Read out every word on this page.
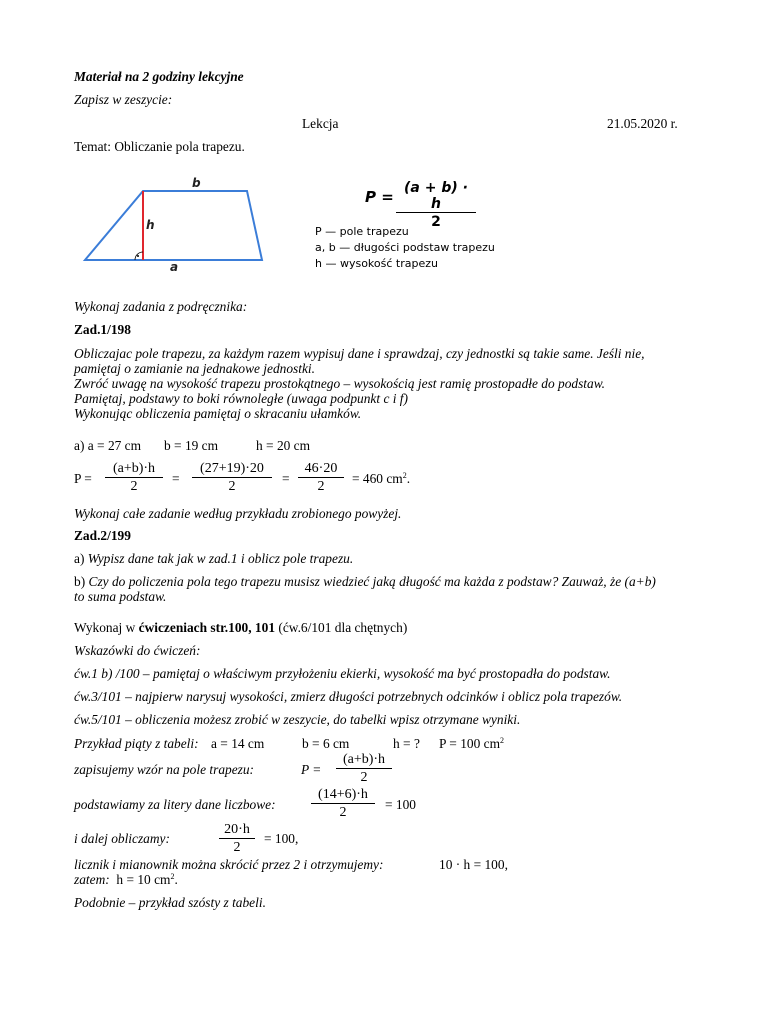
Materiał na 2 godziny lekcyjne
Zapisz w zeszycie:
Lekcja	21.05.2020 r.
Temat: Obliczanie pola trapezu.
b
h
a
$P = \frac{(a + b) \cdot h}{2}$
P — pole trapezu
a, b — długości podstaw trapezu
h — wysokość trapezu
Wykonaj zadania z podręcznika:
Zad.1/198
Obliczajac pole trapezu, za każdym razem wypisuj dane i sprawdzaj, czy jednostki są takie same. Jeśli nie,
pamiętaj o zamianie na jednakowe jednostki.
Zwróć uwagę na wysokość trapezu prostokątnego – wysokością jest ramię prostopadłe do podstaw.
Pamiętaj, podstawy to boki równoległe (uwaga podpunkt c i f)
Wykonując obliczenia pamiętaj o skracaniu ułamków.
a) a = 27 cm b = 19 cm	h = 20 cm
$P = \frac{(a+b)\cdot h}{2} = \frac{(27+19)\cdot 20}{2} = \frac{46\cdot 20}{2} = 460$ $cm^2$.
Wykonaj całe zadanie według przykładu zrobionego powyżej.
Zad.2/199
a) Wypisz dane tak jak w zad.1 i oblicz pole trapezu.
b) Czy do policzenia pola tego trapezu musisz wiedzieć jaką długość ma każda z podstaw? Zauważ, że (a+b)
to suma podstaw.
Wykonaj w ćwiczeniach str.100, 101 (ćw.6/101 dla chętnych)
Wskazówki do ćwiczeń:
ćw.1 b) /100 – pamiętaj o właściwym przyłożeniu ekierki, wysokość ma być prostopadła do podstaw.
ćw.3/101 – najpierw narysuj wysokości, zmierz długości potrzebnych odcinków i oblicz pola trapezów.
ćw.5/101 – obliczenia możesz zrobić w zeszycie, do tabelki wpisz otrzymane wyniki.
Przykład piąty z tabeli: a = 14 cm	b = 6 cm	h = ? P = 100 $cm^2$
zapisujemy wzór na pole trapezu:	$P = \frac{(a+b)\cdot h}{2}$
podstawiamy za litery dane liczbowe:	$\frac{(14+6)\cdot h}{2} = 100$
i dalej obliczamy:	$\frac{20\cdot h}{2} = 100$,
licznik i mianownik można skrócić przez 2 i otrzymujemy:	10 · h = 100,
zatem: h = 10 $cm^2$.
Podobnie – przykład szósty z tabeli.
